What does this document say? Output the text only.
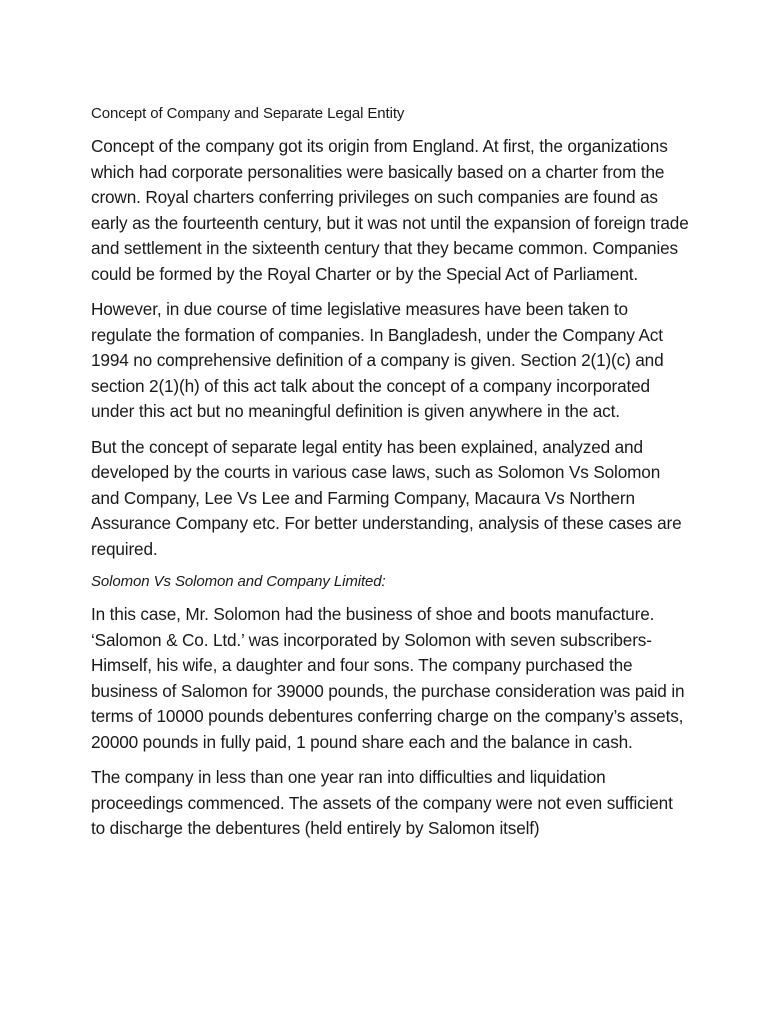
Concept of Company and Separate Legal Entity

Concept of the company got its origin from England. At first, the organizations which had corporate personalities were basically based on a charter from the crown. Royal charters conferring privileges on such companies are found as early as the fourteenth century, but it was not until the expansion of foreign trade and settlement in the sixteenth century that they became common. Companies could be formed by the Royal Charter or by the Special Act of Parliament.

However, in due course of time legislative measures have been taken to regulate the formation of companies. In Bangladesh, under the Company Act 1994 no comprehensive definition of a company is given. Section 2(1)(c) and section 2(1)(h) of this act talk about the concept of a company incorporated under this act but no meaningful definition is given anywhere in the act.

But the concept of separate legal entity has been explained, analyzed and developed by the courts in various case laws, such as Solomon Vs Solomon and Company, Lee Vs Lee and Farming Company, Macaura Vs Northern Assurance Company etc. For better understanding, analysis of these cases are required.

Solomon Vs Solomon and Company Limited:

In this case, Mr. Solomon had the business of shoe and boots manufacture. ‘Salomon & Co. Ltd.’ was incorporated by Solomon with seven subscribers-Himself, his wife, a daughter and four sons. The company purchased the business of Salomon for 39000 pounds, the purchase consideration was paid in terms of 10000 pounds debentures conferring charge on the company’s assets, 20000 pounds in fully paid, 1 pound share each and the balance in cash.

The company in less than one year ran into difficulties and liquidation proceedings commenced. The assets of the company were not even sufficient to discharge the debentures (held entirely by Salomon itself)
